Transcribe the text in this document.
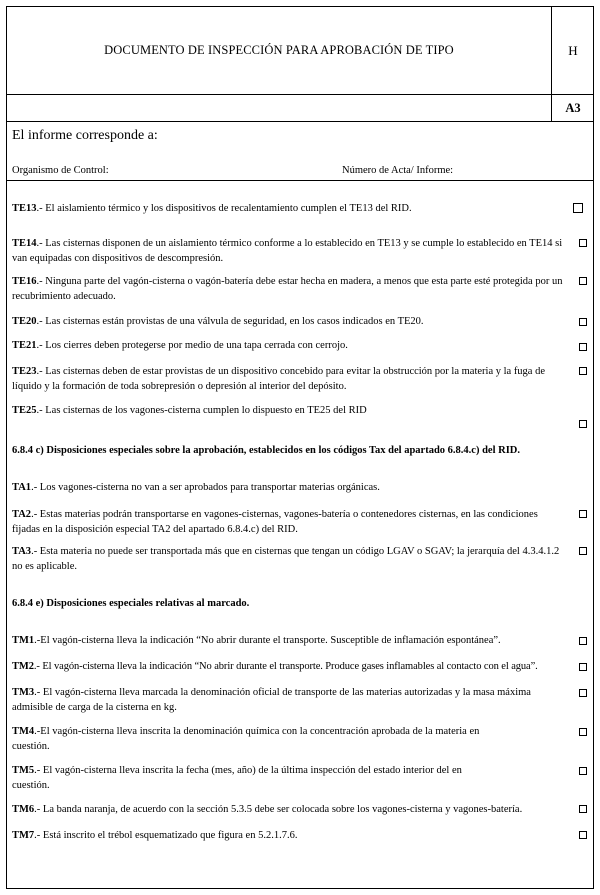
DOCUMENTO DE INSPECCIÓN PARA APROBACIÓN DE TIPO	H
A3
El informe corresponde a:
Organismo de Control:	Número de Acta/ Informe:
TE13.- El aislamiento térmico y los dispositivos de recalentamiento cumplen el TE13 del RID.
TE14.- Las cisternas disponen de un aislamiento térmico conforme a lo establecido en TE13 y se cumple lo establecido en TE14 si van equipadas con dispositivos de descompresión.
TE16.- Ninguna parte del vagón-cisterna o vagón-batería debe estar hecha en madera, a menos que esta parte esté protegida por un recubrimiento adecuado.
TE20.- Las cisternas están provistas de una válvula de seguridad, en los casos indicados en TE20.
TE21.- Los cierres deben protegerse por medio de una tapa cerrada con cerrojo.
TE23.- Las cisternas deben de estar provistas de un dispositivo concebido para evitar la obstrucción por la materia y la fuga de líquido y la formación de toda sobrepresión o depresión al interior del depósito.
TE25.- Las cisternas de los vagones-cisterna cumplen lo dispuesto en TE25 del RID
6.8.4 c) Disposiciones especiales sobre la aprobación, establecidos en los códigos Tax del apartado 6.8.4.c) del RID.
TA1.- Los vagones-cisterna no van a ser aprobados para transportar materias orgánicas.
TA2.- Estas materias podrán transportarse en vagones-cisternas, vagones-batería o contenedores cisternas, en las condiciones fijadas en la disposición especial TA2 del apartado 6.8.4.c) del RID.
TA3.- Esta materia no puede ser transportada más que en cisternas que tengan un código LGAV o SGAV; la jerarquía del 4.3.4.1.2 no es aplicable.
6.8.4 e) Disposiciones especiales relativas al marcado.
TM1.-El vagón-cisterna lleva la indicación “No abrir durante el transporte. Susceptible de inflamación espontánea”.
TM2.- El vagón-cisterna lleva la indicación “No abrir durante el transporte. Produce gases inflamables al contacto con el agua”.
TM3.- El vagón-cisterna lleva marcada la denominación oficial de transporte de las materias autorizadas y la masa máxima admisible de carga de la cisterna en kg.
TM4.-El vagón-cisterna lleva inscrita la denominación química con la concentración aprobada de la materia en cuestión.
TM5.- El vagón-cisterna lleva inscrita la fecha (mes, año) de la última inspección del estado interior del en cuestión.
TM6.- La banda naranja, de acuerdo con la sección 5.3.5 debe ser colocada sobre los vagones-cisterna y vagones-batería.
TM7.- Está inscrito el trébol esquematizado que figura en 5.2.1.7.6.
